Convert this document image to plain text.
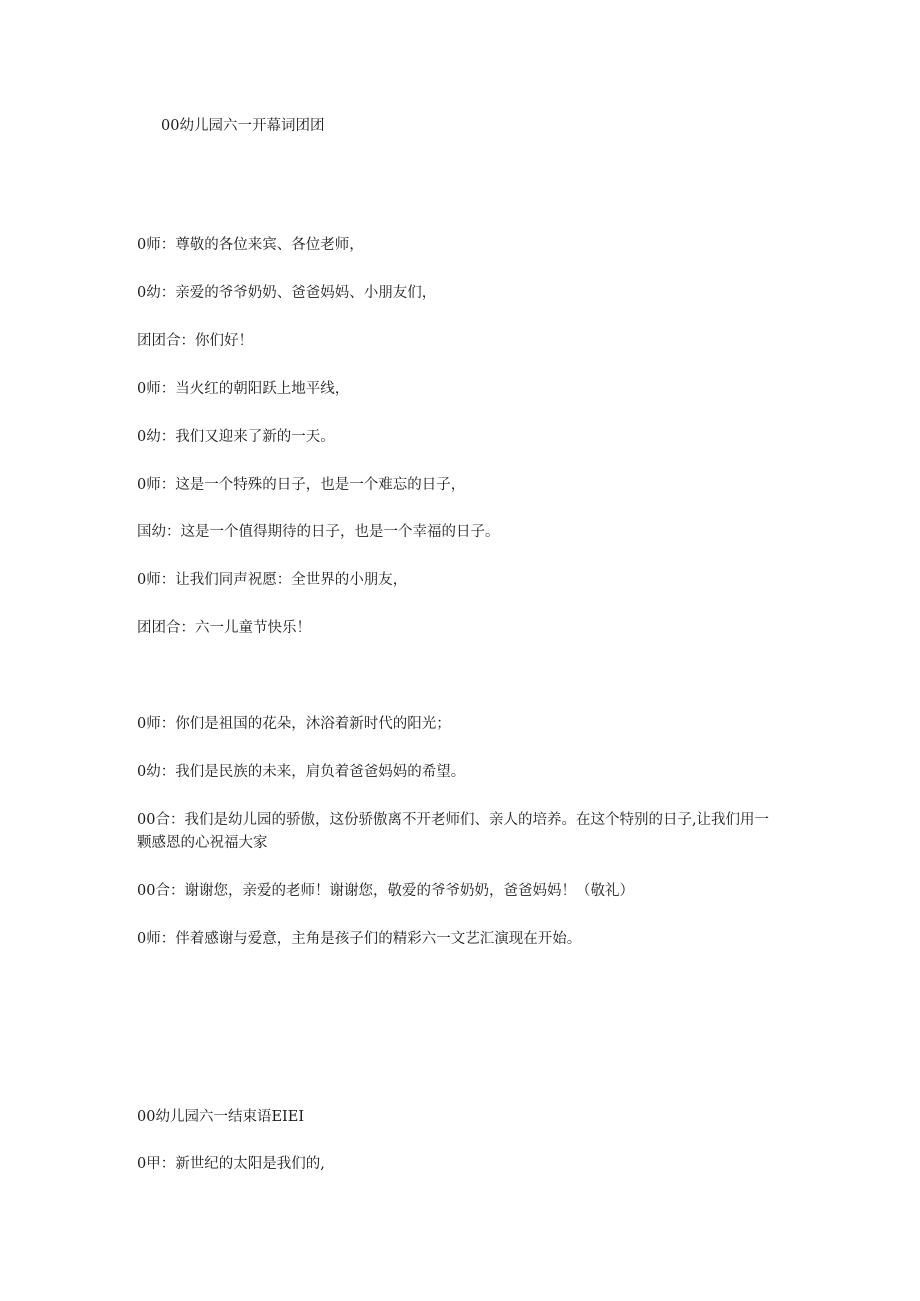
00幼儿园六一开幕词团团
0师：尊敬的各位来宾、各位老师，
0幼：亲爱的爷爷奶奶、爸爸妈妈、小朋友们，
团团合：你们好！
0师：当火红的朝阳跃上地平线，
0幼：我们又迎来了新的一天。
0师：这是一个特殊的日子，也是一个难忘的日子，
国幼：这是一个值得期待的日子，也是一个幸福的日子。
0师：让我们同声祝愿：全世界的小朋友，
团团合：六一儿童节快乐！
0师：你们是祖国的花朵，沐浴着新时代的阳光；
0幼：我们是民族的未来，肩负着爸爸妈妈的希望。
00合：我们是幼儿园的骄傲，这份骄傲离不开老师们、亲人的培养。在这个特别的日子,让我们用一颗感恩的心祝福大家
00合：谢谢您，亲爱的老师！谢谢您，敬爱的爷爷奶奶，爸爸妈妈！（敬礼）
0师：伴着感谢与爱意，主角是孩子们的精彩六一文艺汇演现在开始。
00幼儿园六一结束语EIEI
0甲：新世纪的太阳是我们的,
